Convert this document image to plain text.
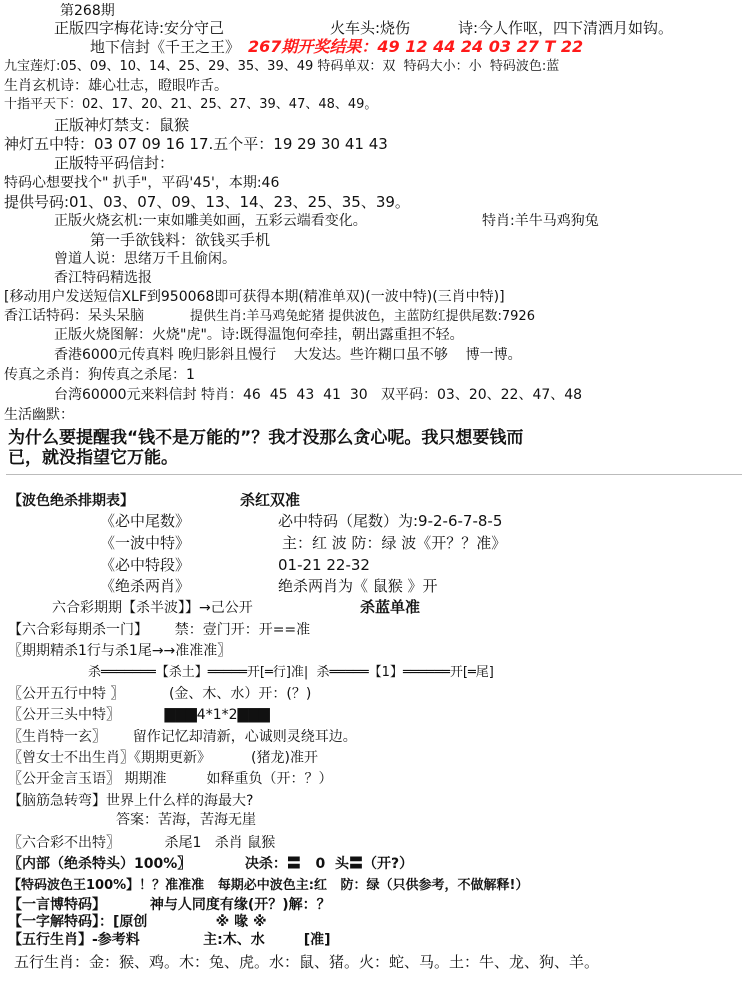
第268期
正版四字梅花诗:安分守己	火车头:烧伤	诗:今人作呕，四下清洒月如钩。
地下信封《千王之王》 267期开奖结果：49 12 44 24 03 27 T 22
九宝莲灯:05、09、10、14、25、29、35、39、49 特码单双：双  特码大小：小  特码波色:蓝
生肖玄机诗：雄心壮志，瞪眼咋舌。
十指平天下：02、17、20、21、25、27、39、47、48、49。
正版神灯禁支：鼠猴
神灯五中特：03 07 09 16 17.五个平：19 29 30 41 43
正版特平码信封：
特码心想要找个" 扒手"，平码'45'，本期:46
提供号码:01、03、07、09、13、14、23、25、35、39。
正版火烧玄机:一束如雕美如画，五彩云端看变化。	特肖:羊牛马鸡狗兔
第一手欲钱料：欲钱买手机
曾道人说：思绪万千且偷闲。
香江特码精选报
[移动用户发送短信XLF到950068即可获得本期(精准单双)(一波中特)(三肖中特)]
香江话特码：呆头呆脑	提供生肖:羊马鸡兔蛇猪 提供波色，主蓝防红提供尾数:7926
正版火烧图解：火烧"虎"。诗:既得温饱何牵挂，朝出露重担不轻。
香港6000元传真料 晚归影斜且慢行    大发达。些许糊口虽不够    博一博。
传真之杀肖：狗传真之杀尾：1
台湾60000元来料信封 特肖：46  45  43  41  30   双平码：03、20、22、47、48
生活幽默：
为什么要提醒我“钱不是万能的”？我才没那么贪心呢。我只想要钱而
已，就没指望它万能。
【波色绝杀排期表】	杀红双准
《必中尾数》	必中特码（尾数）为:9-2-6-7-8-5
《一波中特》	主：红 波 防：绿 波《开？？准》
《必中特段》	01-21 22-32
《绝杀两肖》	绝杀两肖为《 鼠猴 》开
六合彩期期【杀半波】】→己公开	杀蓝单准
【六合彩每期杀一门】      禁：壹门开：开==准
〖期期精杀1行与杀1尾→→准准准〗
杀═══════【杀土】═════开[═行]准|  杀═════【1】══════开[═尾]
〖公开五行中特 〗          (金、木、水）开：(？)
〖公开三头中特〗          ▇▇▇4*1*2▇▇▇
〖生肖特一玄〗      留作记忆却清新，心诚则灵绕耳边。
〖曾女士不出生肖〗《期期更新》         (猪龙)准开
〖公开金言玉语〗 期期准         如释重负（开：？）
【脑筋急转弯】世界上什么样的海最大?
答案：苦海，苦海无崖
〖六合彩不出特〗          杀尾1   杀肖 鼠猴
〖内部（绝杀特头）100%〗           决杀：〓   0  头〓（开?）
【特码波色王100%】！？准准准   每期必中波色主:红   防：绿（只供参考，不做解释!）
【一言博特码】         神与人同度有缘(开？)解：？
【一字解特码】：[原创              ※ 喙 ※
【五行生肖】-参考料             主:木、水        [准]
五行生肖：金：猴、鸡。木：兔、虎。水：鼠、猪。火：蛇、马。土：牛、龙、狗、羊。
